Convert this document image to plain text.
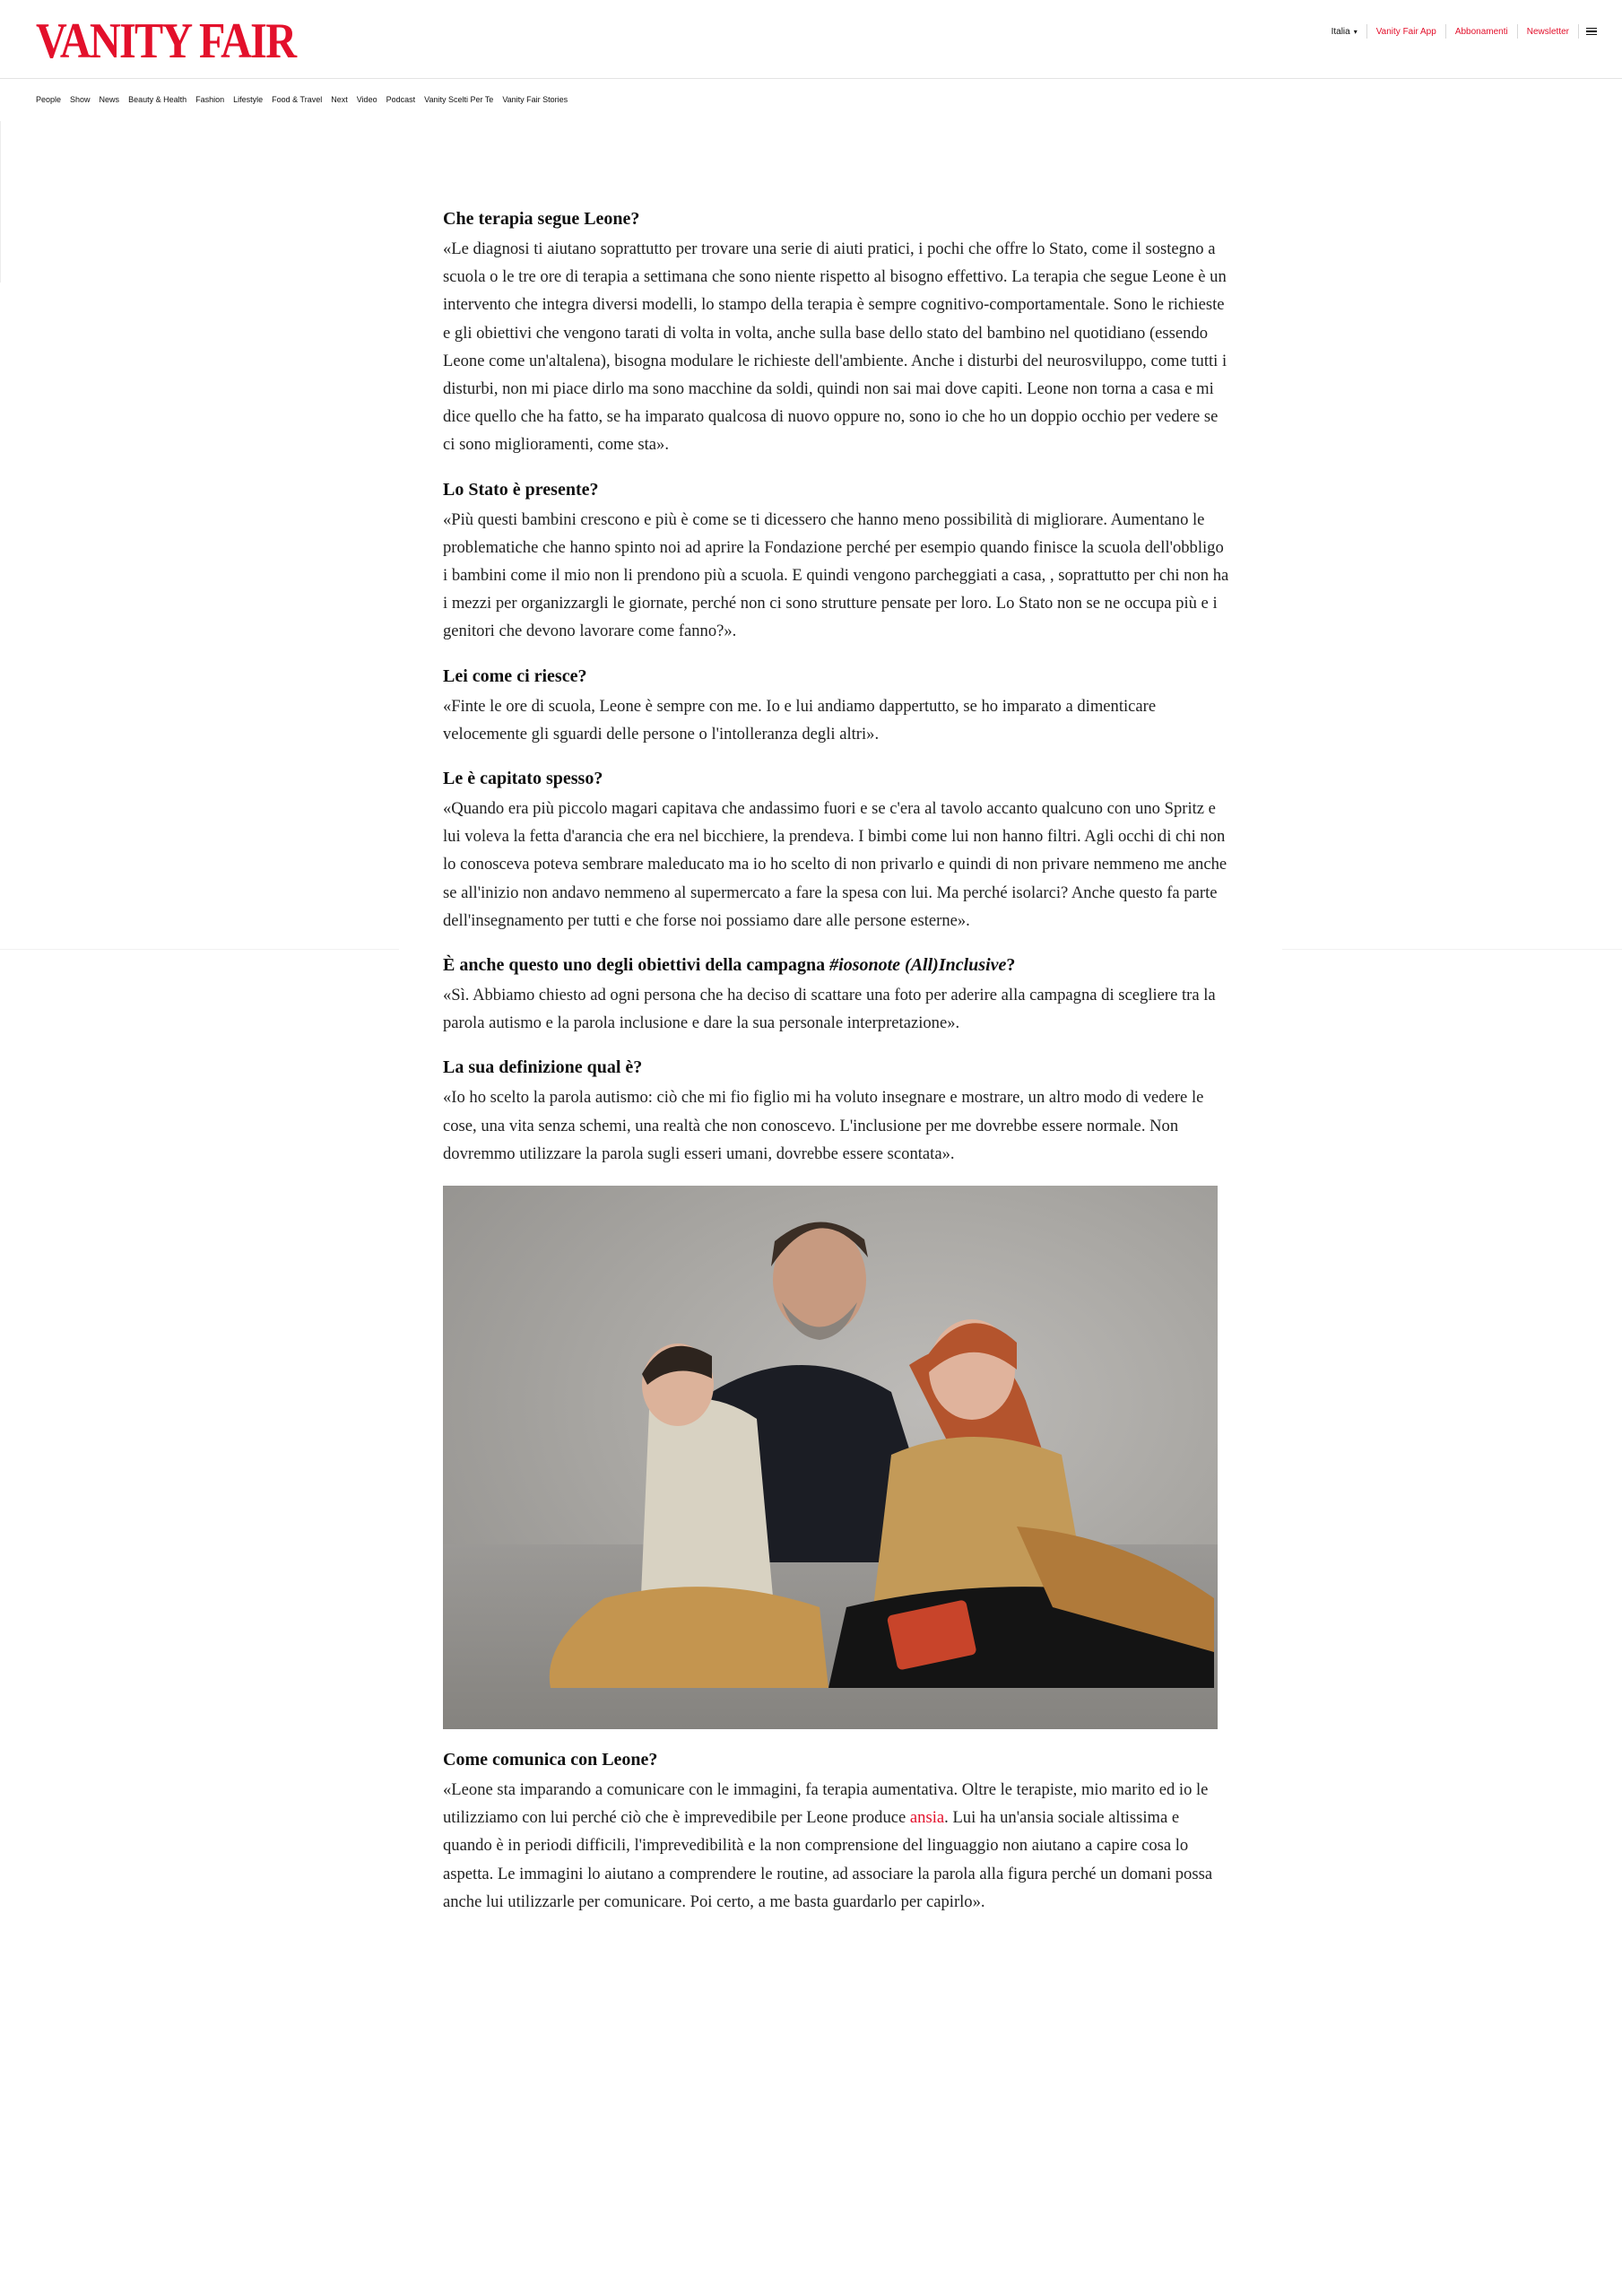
VANITY FAIR	Italia ▾	Vanity Fair App	Abbonamenti	Newsletter
People Show News Beauty & Health Fashion Lifestyle Food & Travel Next Video Podcast Vanity Scelti Per Te Vanity Fair Stories
Che terapia segue Leone?

«Le diagnosi ti aiutano soprattutto per trovare una serie di aiuti pratici, i pochi che offre lo Stato, come il sostegno a scuola o le tre ore di terapia a settimana che sono niente rispetto al bisogno effettivo. La terapia che segue Leone è un intervento che integra diversi modelli, lo stampo della terapia è sempre cognitivo-comportamentale. Sono le richieste e gli obiettivi che vengono tarati di volta in volta, anche sulla base dello stato del bambino nel quotidiano (essendo Leone come un'altalena), bisogna modulare le richieste dell'ambiente. Anche i disturbi del neurosviluppo, come tutti i disturbi, non mi piace dirlo ma sono macchine da soldi, quindi non sai mai dove capiti. Leone non torna a casa e mi dice quello che ha fatto, se ha imparato qualcosa di nuovo oppure no, sono io che ho un doppio occhio per vedere se ci sono miglioramenti, come sta».

Lo Stato è presente?

«Più questi bambini crescono e più è come se ti dicessero che hanno meno possibilità di migliorare. Aumentano le problematiche che hanno spinto noi ad aprire la Fondazione perché per esempio quando finisce la scuola dell'obbligo i bambini come il mio non li prendono più a scuola. E quindi vengono parcheggiati a casa, , soprattutto per chi non ha i mezzi per organizzargli le giornate, perché non ci sono strutture pensate per loro. Lo Stato non se ne occupa più e i genitori che devono lavorare come fanno?».

Lei come ci riesce?

«Finte le ore di scuola, Leone è sempre con me. Io e lui andiamo dappertutto, se ho imparato a dimenticare velocemente gli sguardi delle persone o l'intolleranza degli altri».

Le è capitato spesso?

«Quando era più piccolo magari capitava che andassimo fuori e se c'era al tavolo accanto qualcuno con uno Spritz e lui voleva la fetta d'arancia che era nel bicchiere, la prendeva. I bimbi come lui non hanno filtri. Agli occhi di chi non lo conosceva poteva sembrare maleducato ma io ho scelto di non privarlo e quindi di non privare nemmeno me anche se all'inizio non andavo nemmeno al supermercato a fare la spesa con lui. Ma perché isolarci? Anche questo fa parte dell'insegnamento per tutti e che forse noi possiamo dare alle persone esterne».

È anche questo uno degli obiettivi della campagna #iosonote (All)Inclusive?

«Sì. Abbiamo chiesto ad ogni persona che ha deciso di scattare una foto per aderire alla campagna di scegliere tra la parola autismo e la parola inclusione e dare la sua personale interpretazione».

La sua definizione qual è?

«Io ho scelto la parola autismo: ciò che mi fio figlio mi ha voluto insegnare e mostrare, un altro modo di vedere le cose, una vita senza schemi, una realtà che non conoscevo. L'inclusione per me dovrebbe essere normale. Non dovremmo utilizzare la parola sugli esseri umani, dovrebbe essere scontata».

Come comunica con Leone?

«Leone sta imparando a comunicare con le immagini, fa terapia aumentativa. Oltre le terapiste, mio marito ed io le utilizziamo con lui perché ciò che è imprevedibile per Leone produce ansia. Lui ha un'ansia sociale altissima e quando è in periodi difficili, l'imprevedibilità e la non comprensione del linguaggio non aiutano a capire cosa lo aspetta. Le immagini lo aiutano a comprendere le routine, ad associare la parola alla figura perché un domani possa anche lui utilizzarle per comunicare. Poi certo, a me basta guardarlo per capirlo».
